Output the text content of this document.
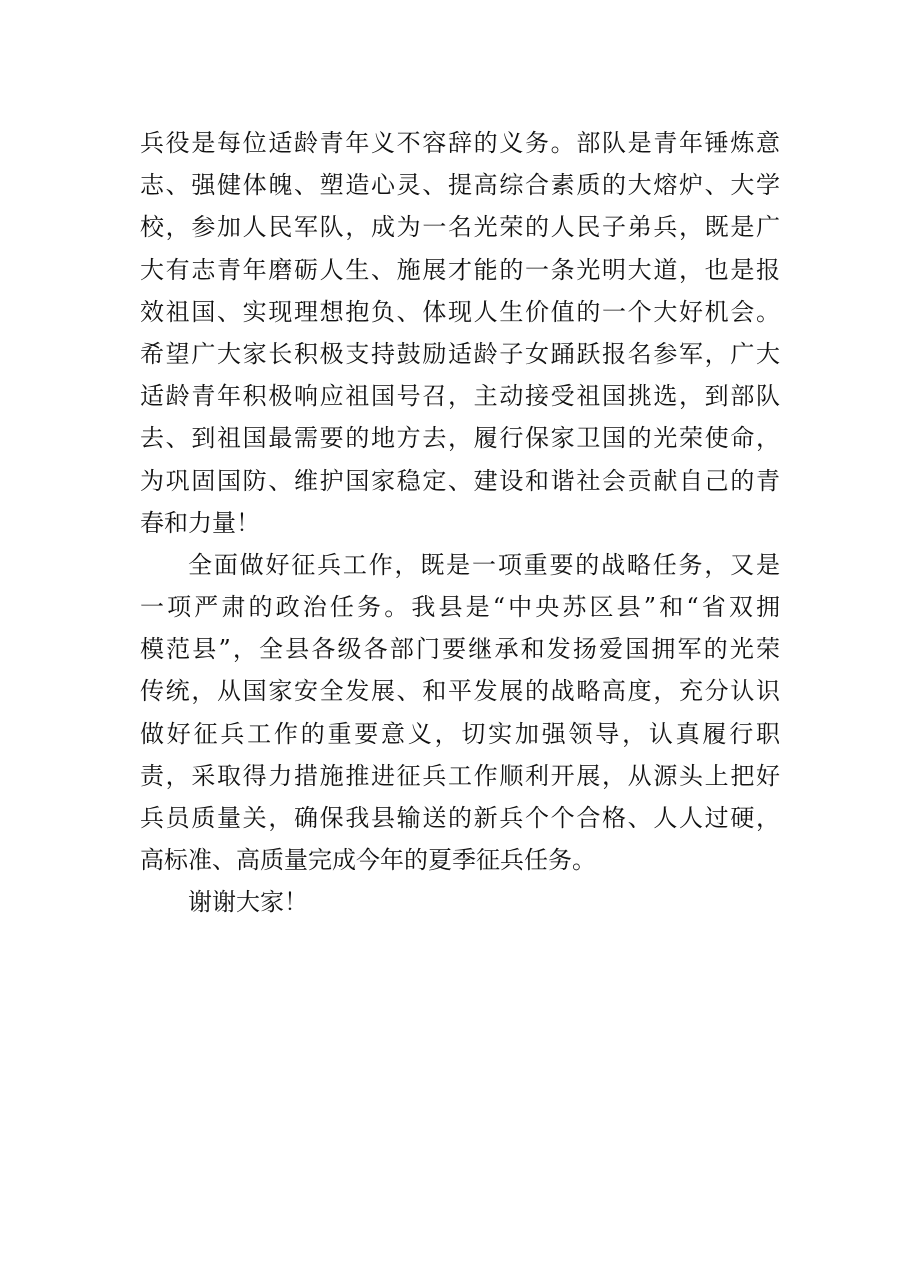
兵役是每位适龄青年义不容辞的义务。部队是青年锤炼意
志、强健体魄、塑造心灵、提高综合素质的大熔炉、大学
校，参加人民军队，成为一名光荣的人民子弟兵，既是广
大有志青年磨砺人生、施展才能的一条光明大道，也是报
效祖国、实现理想抱负、体现人生价值的一个大好机会。
希望广大家长积极支持鼓励适龄子女踊跃报名参军，广大
适龄青年积极响应祖国号召，主动接受祖国挑选，到部队
去、到祖国最需要的地方去，履行保家卫国的光荣使命，
为巩固国防、维护国家稳定、建设和谐社会贡献自己的青
春和力量！
全面做好征兵工作，既是一项重要的战略任务，又是
一项严肃的政治任务。我县是“中央苏区县”和“省双拥
模范县”，全县各级各部门要继承和发扬爱国拥军的光荣
传统，从国家安全发展、和平发展的战略高度，充分认识
做好征兵工作的重要意义，切实加强领导，认真履行职
责，采取得力措施推进征兵工作顺利开展，从源头上把好
兵员质量关，确保我县输送的新兵个个合格、人人过硬，
高标准、高质量完成今年的夏季征兵任务。
谢谢大家！
